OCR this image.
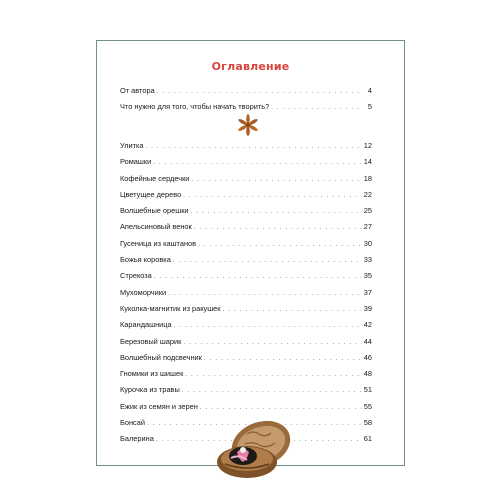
Оглавление
От автора . . .	4
Что нужно для того, чтобы начать творить? . . .	5
Улитка . . .	12
Ромашки . . .	14
Кофейные сердечки . . .	18
Цветущее дерево . . .	22
Волшебные орешки . . .	25
Апельсиновый венок . . .	27
Гусеница из каштанов . . .	30
Божья коровка . . .	33
Стрекоза . . .	35
Мухоморчики . . .	37
Куколка-магнитик из ракушек . . .	39
Карандашница . . .	42
Березовый шарик . . .	44
Волшебный подсвечник . . .	46
Гномики из шишек . . .	48
Курочка из травы . . .	51
Ежик из семян и зерен . . .	55
Бонсай . . .	58
Балерина . . .	61
